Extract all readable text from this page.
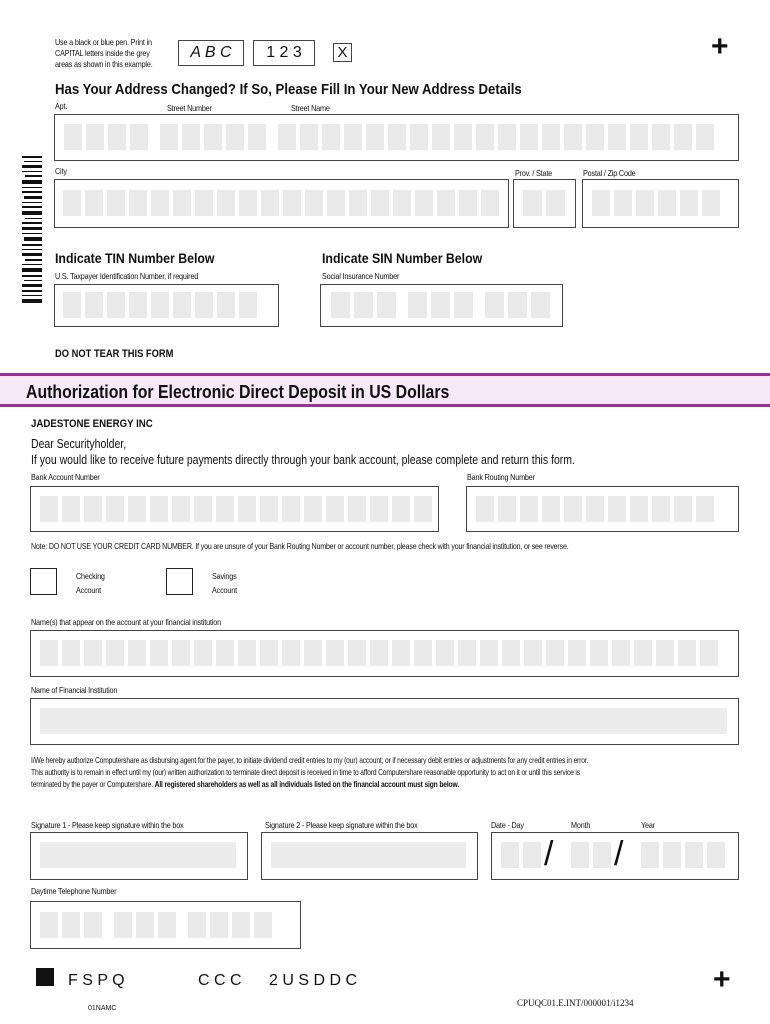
Use a black or blue pen. Print in
CAPITAL letters inside the grey
areas as shown in this example.
A B C	1 2 3	X	+
Has Your Address Changed? If So, Please Fill In Your New Address Details
Apt.	Street Number	Street Name
City	Prov. / State	Postal / Zip Code
Indicate TIN Number Below
U.S. Taxpayer Identification Number, if required
Indicate SIN Number Below
Social Insurance Number
DO NOT TEAR THIS FORM
Authorization for Electronic Direct Deposit in US Dollars
JADESTONE ENERGY INC
Dear Securityholder,
If you would like to receive future payments directly through your bank account, please complete and return this form.
Bank Account Number	Bank Routing Number
Note: DO NOT USE YOUR CREDIT CARD NUMBER. If you are unsure of your Bank Routing Number or account number, please check with your financial institution, or see reverse.
Checking
Account
Savings
Account
Name(s) that appear on the account at your financial institution
Name of Financial Institution
I/We hereby authorize Computershare as disbursing agent for the payer, to initiate dividend credit entries to my (our) account; or if necessary debit entries or adjustments for any credit entries in error.
This authority is to remain in effect until my (our) written authorization to terminate direct deposit is received in time to afford Computershare reasonable opportunity to act on it or until this service is
terminated by the payer or Computershare. All registered shareholders as well as all individuals listed on the financial account must sign below.
Signature 1 - Please keep signature within the box	Signature 2 - Please keep signature within the box	Date - Day	Month	Year
/ /
Daytime Telephone Number
F S P Q	C C C 2 U S D D C	+
01NAMC
CPUQC01.E.INT/000001/i1234
